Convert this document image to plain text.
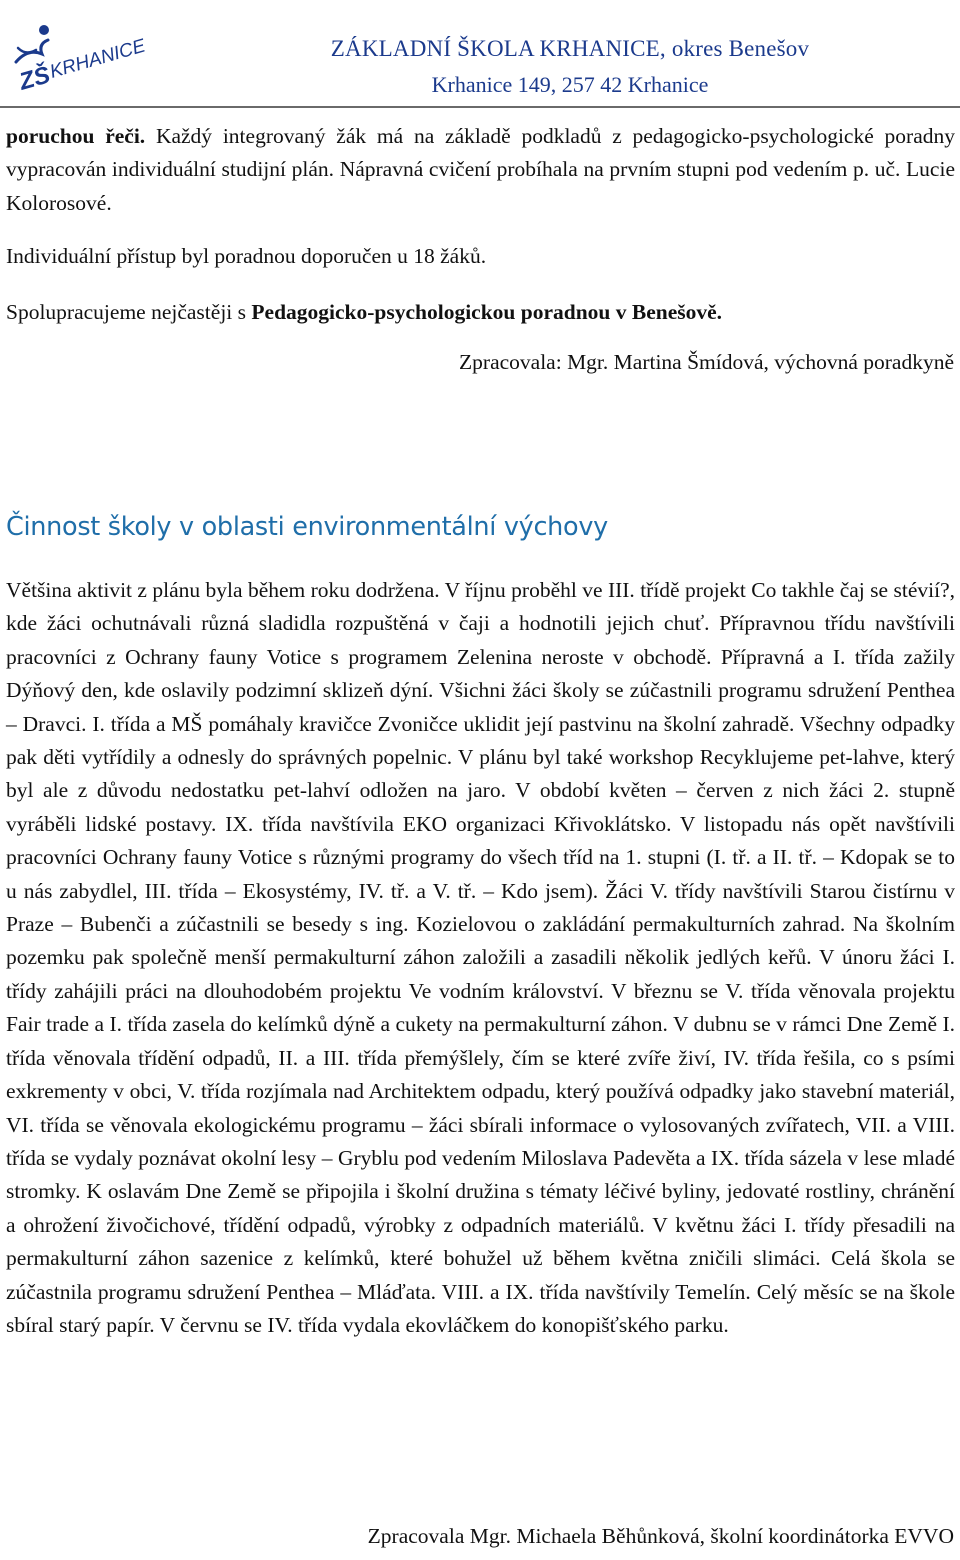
ZŠ
KRHANICE	ZÁKLADNÍ ŠKOLA KRHANICE, okres Benešov
Krhanice 149, 257 42 Krhanice

poruchou řeči. Každý integrovaný žák má na základě podkladů z pedagogicko-psychologické poradny vypracován individuální studijní plán. Nápravná cvičení probíhala na prvním stupni pod vedením p. uč. Lucie Kolorosové.

Individuální přístup byl poradnou doporučen u 18 žáků.

Spolupracujeme nejčastěji s Pedagogicko-psychologickou poradnou v Benešově.

Zpracovala: Mgr. Martina Šmídová, výchovná poradkyně
Činnost školy v oblasti environmentální výchovy

Většina aktivit z plánu byla během roku dodržena. V říjnu proběhl ve III. třídě projekt Co takhle čaj se stévií?, kde žáci ochutnávali různá sladidla rozpuštěná v čaji a hodnotili jejich chuť. Přípravnou třídu navštívili pracovníci z Ochrany fauny Votice s programem Zelenina neroste v obchodě. Přípravná a I. třída zažily Dýňový den, kde oslavily podzimní sklizeň dýní. Všichni žáci školy se zúčastnili programu sdružení Penthea – Dravci. I. třída a MŠ pomáhaly kravičce Zvoničce uklidit její pastvinu na školní zahradě. Všechny odpadky pak děti vytřídily a odnesly do správných popelnic. V plánu byl také workshop Recyklujeme pet-lahve, který byl ale z důvodu nedostatku pet-lahví odložen na jaro. V období květen – červen z nich žáci 2. stupně vyráběli lidské postavy. IX. třída navštívila EKO organizaci Křivoklátsko. V listopadu nás opět navštívili pracovníci Ochrany fauny Votice s různými programy do všech tříd na 1. stupni (I. tř. a II. tř. – Kdopak se to u nás zabydlel, III. třída – Ekosystémy, IV. tř. a V. tř. – Kdo jsem). Žáci V. třídy navštívili Starou čistírnu v Praze – Bubenči a zúčastnili se besedy s ing. Kozielovou o zakládání permakulturních zahrad. Na školním pozemku pak společně menší permakulturní záhon založili a zasadili několik jedlých keřů. V únoru žáci I. třídy zahájili práci na dlouhodobém projektu Ve vodním království. V březnu se V. třída věnovala projektu Fair trade a I. třída zasela do kelímků dýně a cukety na permakulturní záhon. V dubnu se v rámci Dne Země I. třída věnovala třídění odpadů, II. a III. třída přemýšlely, čím se které zvíře živí, IV. třída řešila, co s psími exkrementy v obci, V. třída rozjímala nad Architektem odpadu, který používá odpadky jako stavební materiál, VI. třída se věnovala ekologickému programu – žáci sbírali informace o vylosovaných zvířatech, VII. a VIII. třída se vydaly poznávat okolní lesy – Gryblu pod vedením Miloslava Padevěta a IX. třída sázela v lese mladé stromky. K oslavám Dne Země se připojila i školní družina s tématy léčivé byliny, jedovaté rostliny, chránění a ohrožení živočichové, třídění odpadů, výrobky z odpadních materiálů. V květnu žáci I. třídy přesadili na permakulturní záhon sazenice z kelímků, které bohužel už během května zničili slimáci. Celá škola se zúčastnila programu sdružení Penthea – Mláďata. VIII. a IX. třída navštívily Temelín. Celý měsíc se na škole sbíral starý papír. V červnu se IV. třída vydala ekovláčkem do konopišťského parku.

Zpracovala Mgr. Michaela Běhůnková, školní koordinátorka EVVO
